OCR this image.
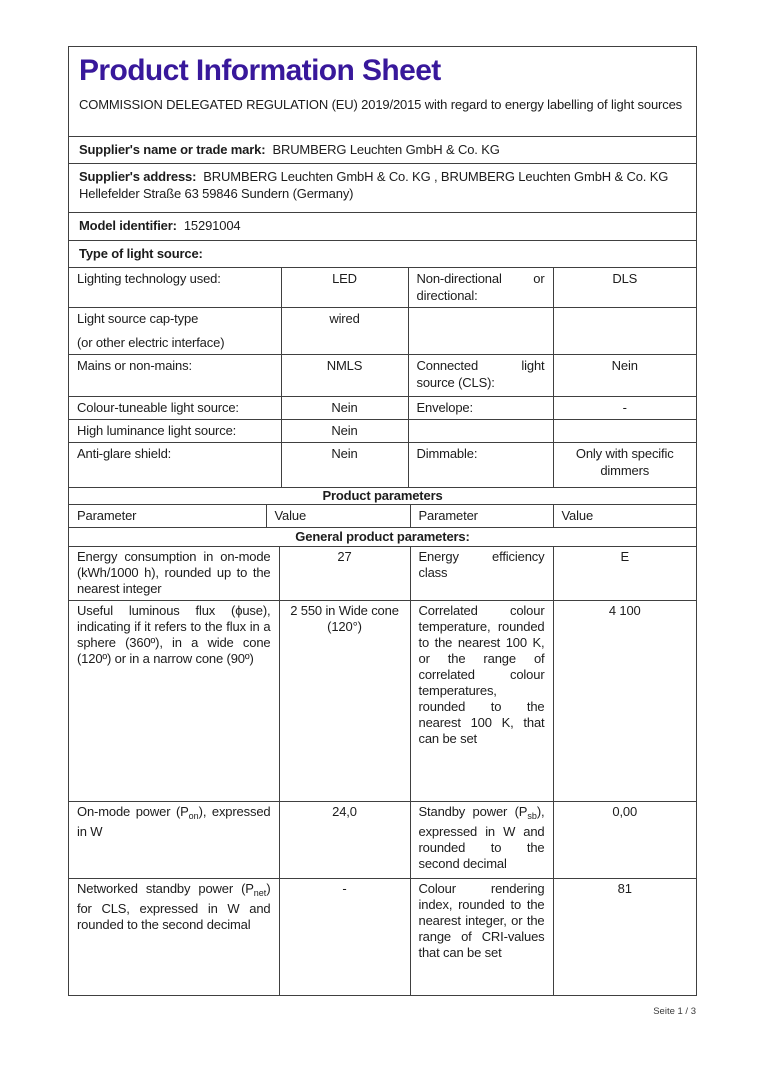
Product Information Sheet
COMMISSION DELEGATED REGULATION (EU) 2019/2015 with regard to energy labelling of light sources
Supplier's name or trade mark: BRUMBERG Leuchten GmbH & Co. KG
Supplier's address: BRUMBERG Leuchten GmbH & Co. KG , BRUMBERG Leuchten GmbH & Co. KG Hellefelder Straße 63 59846 Sundern (Germany)
Model identifier: 15291004
Type of light source:
Lighting technology used:	LED	Non-directional or directional:	DLS

Light source cap-type
(or other electric interface)	wired		
Mains or non-mains:	NMLS	Connected light source (CLS):	Nein
Colour-tuneable light source:	Nein	Envelope:	-
High luminance light source:	Nein		
Anti-glare shield:	Nein	Dimmable:	Only with specific dimmers
Product parameters
Parameter	Value	Parameter	Value
General product parameters:
Energy consumption in on-mode (kWh/1000 h), rounded up to the nearest integer	27	Energy efficiency class	E
Useful luminous flux (ϕuse), indicating if it refers to the flux in a sphere (360º), in a wide cone (120º) or in a narrow cone (90º)	2 550 in Wide cone (120°)	Correlated colour temperature, rounded to the nearest 100 K, or the range of correlated colour temperatures, rounded to the nearest 100 K, that can be set	4 100
On-mode power $(P_{on})$, expressed in W	24,0	Standby power $(P_{sb})$, expressed in W and rounded to the second decimal	0,00
Networked standby power $(P_{net})$ for CLS, expressed in W and rounded to the second decimal	-	Colour rendering index, rounded to the nearest integer, or the range of CRI-values that can be set	81
Seite 1 / 3
